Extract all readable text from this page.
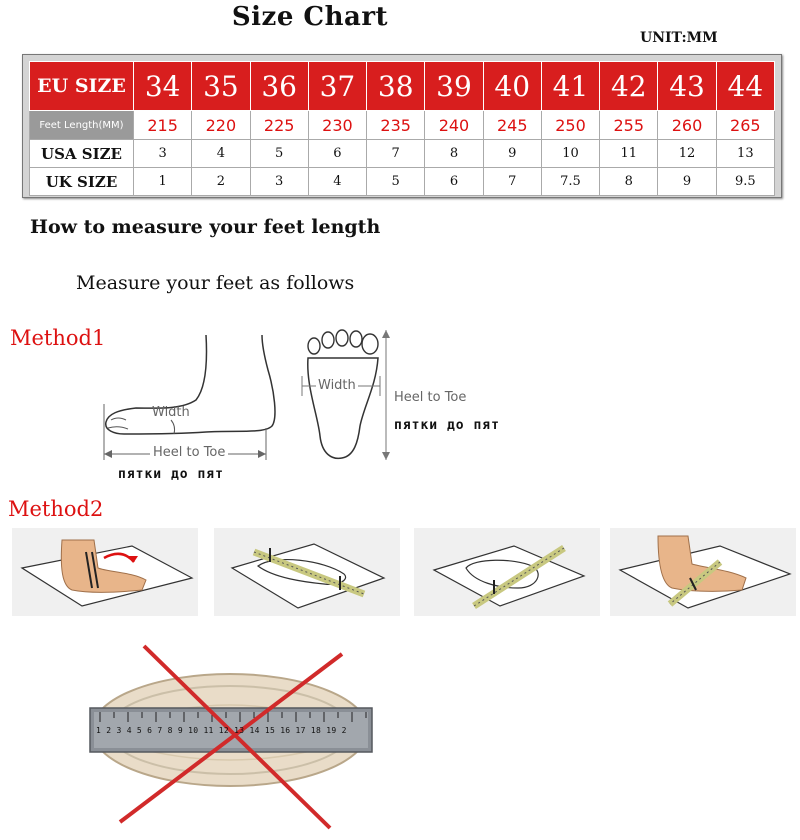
Size Chart
UNIT:MM
EU SIZE	34	35	36	37	38	39	40	41	42	43	44
Feet Length(MM)	215	220	225	230	235	240	245	250	255	260	265
USA SIZE	3	4	5	6	7	8	9	10	11	12	13
UK SIZE	1	2	3	4	5	6	7	7.5	8	9	9.5
How to measure your feet length
Measure your feet as follows
Method1
Width
Heel to Toe
пятки до пят
Width
Heel to Toe
пятки до пят
Method2
1 2 3 4 5 6 7 8 9 10 11 12 13 14 15 16 17 18 19 2
